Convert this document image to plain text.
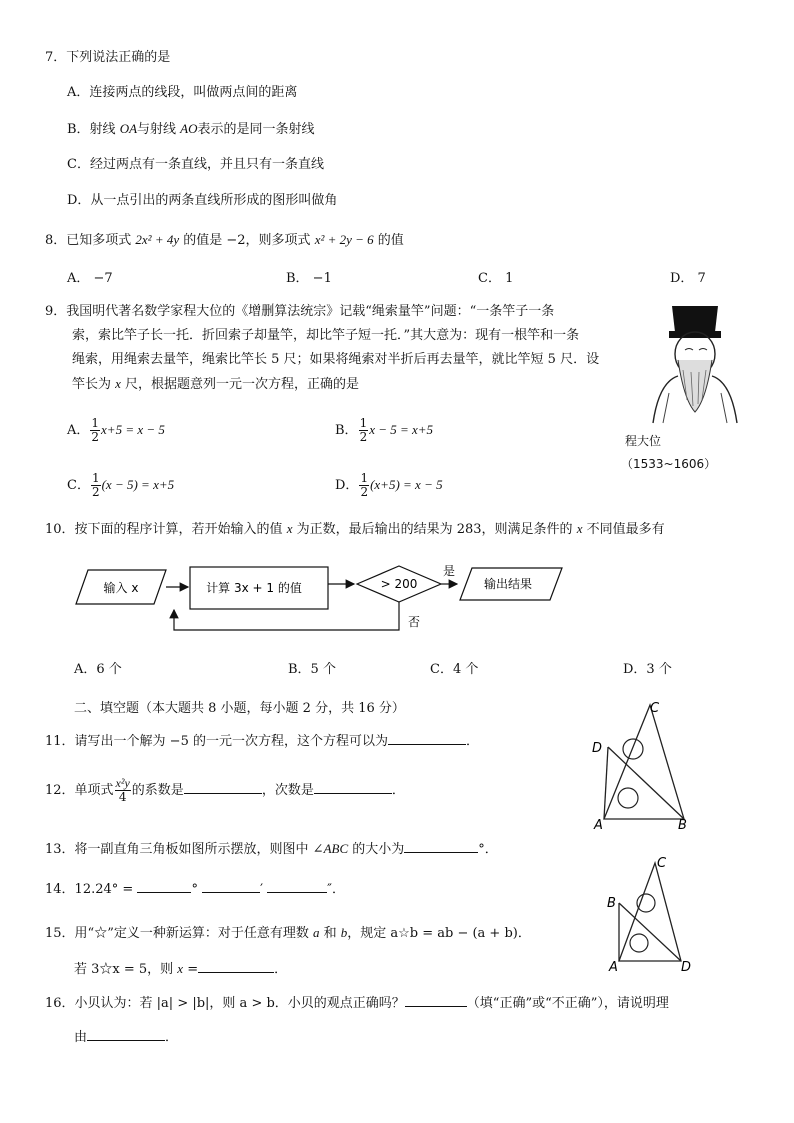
7．下列说法正确的是
A．连接两点的线段，叫做两点间的距离
B．射线 OA与射线 AO表示的是同一条射线
C．经过两点有一条直线，并且只有一条直线
D．从一点引出的两条直线所形成的图形叫做角
8．已知多项式 2x² + 4y 的值是 −2，则多项式 x² + 2y − 6 的值
A． −7	B． −1	C． 1	D． 7
9．我国明代著名数学家程大位的《增删算法统宗》记载“绳索量竿”问题：“一条竿子一条
索，索比竿子长一托．折回索子却量竿，却比竿子短一托．”其大意为：现有一根竿和一条
绳索，用绳索去量竿，绳索比竿长 5 尺；如果将绳索对半折后再去量竿，就比竿短 5 尺．设
竿长为 x 尺，根据题意列一元一次方程，正确的是
A． $\frac{1}{2} x+5 = x - 5$	B． $\frac{1}{2}$ x − 5 = x+5
C． $\frac{1}{2} (x - 5) = x+5$	D． $\frac{1}{2} (x+5) = x - 5$
程大位
（1533~1606）
10．按下面的程序计算，若开始输入的值 x 为正数，最后输出的结果为 283，则满足条件的 x 不同值最多有
输入 x	计算 3x + 1 的值	> 200
是
输出结果
否
A．6 个	B．5 个	C．4 个	D．3 个
二、填空题（本大题共 8 小题，每小题 2 分，共 16 分）
11．请写出一个解为 −5 的一元一次方程，这个方程可以为	．
12．单项式 $\frac{\text{x²y}}{4}$ 的系数是	，次数是	．
13．将一副直角三角板如图所示摆放，则图中 ∠ABC 的大小为	°．
14．12.24° =	°	′	″．
15．用“☆”定义一种新运算：对于任意有理数 a 和 b，规定 a☆b = ab − (a + b)．
若 3☆x = 5，则 x =	．
16．小贝认为：若 |a| > |b|，则 a > b．小贝的观点正确吗？	（填“正确”或“不正确”），请说明理
由	．
C
D
A	B
C
B
A	D
